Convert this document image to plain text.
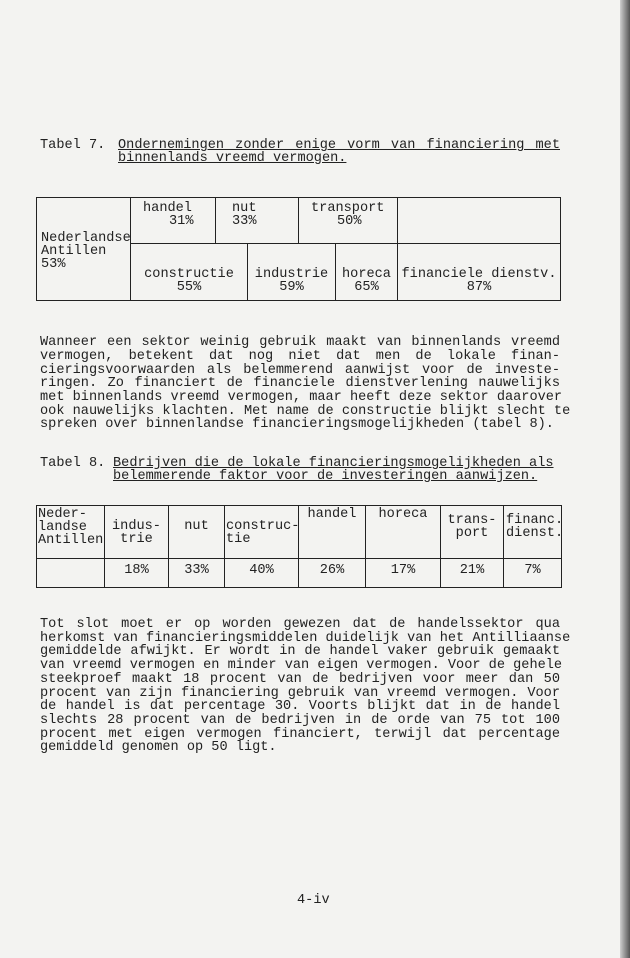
Tabel 7. Ondernemingen zonder enige vorm van financiering met
binnenlands vreemd vermogen.
Nederlandse
Antillen
53%
handel
31%
nut
33%
transport
50%
constructie
55%
industrie
59%
horeca
65%
financiele dienstv.
87%
Wanneer een sektor weinig gebruik maakt van binnenlands vreemd
vermogen, betekent dat nog niet dat men de lokale finan-
cieringsvoorwaarden als belemmerend aanwijst voor de investe-
ringen. Zo financiert de financiele dienstverlening nauwelijks
met binnenlands vreemd vermogen, maar heeft deze sektor daarover
ook nauwelijks klachten. Met name de constructie blijkt slecht te
spreken over binnenlandse financieringsmogelijkheden (tabel 8).
Tabel 8. Bedrijven die de lokale financieringsmogelijkheden als
belemmerende faktor voor de investeringen aanwijzen.
Neder-
landse
Antillen
indus-
trie
18%
nut
33%
construc-
tie
40%
handel
26%
horeca
17%
trans-
port
21%
financ.
dienst.
7%
Tot slot moet er op worden gewezen dat de handelssektor qua
herkomst van financieringsmiddelen duidelijk van het Antilliaanse
gemiddelde afwijkt. Er wordt in de handel vaker gebruik gemaakt
van vreemd vermogen en minder van eigen vermogen. Voor de gehele
steekproef maakt 18 procent van de bedrijven voor meer dan 50
procent van zijn financiering gebruik van vreemd vermogen. Voor
de handel is dat percentage 30. Voorts blijkt dat in de handel
slechts 28 procent van de bedrijven in de orde van 75 tot 100
procent met eigen vermogen financiert, terwijl dat percentage
gemiddeld genomen op 50 ligt.
4-iv
